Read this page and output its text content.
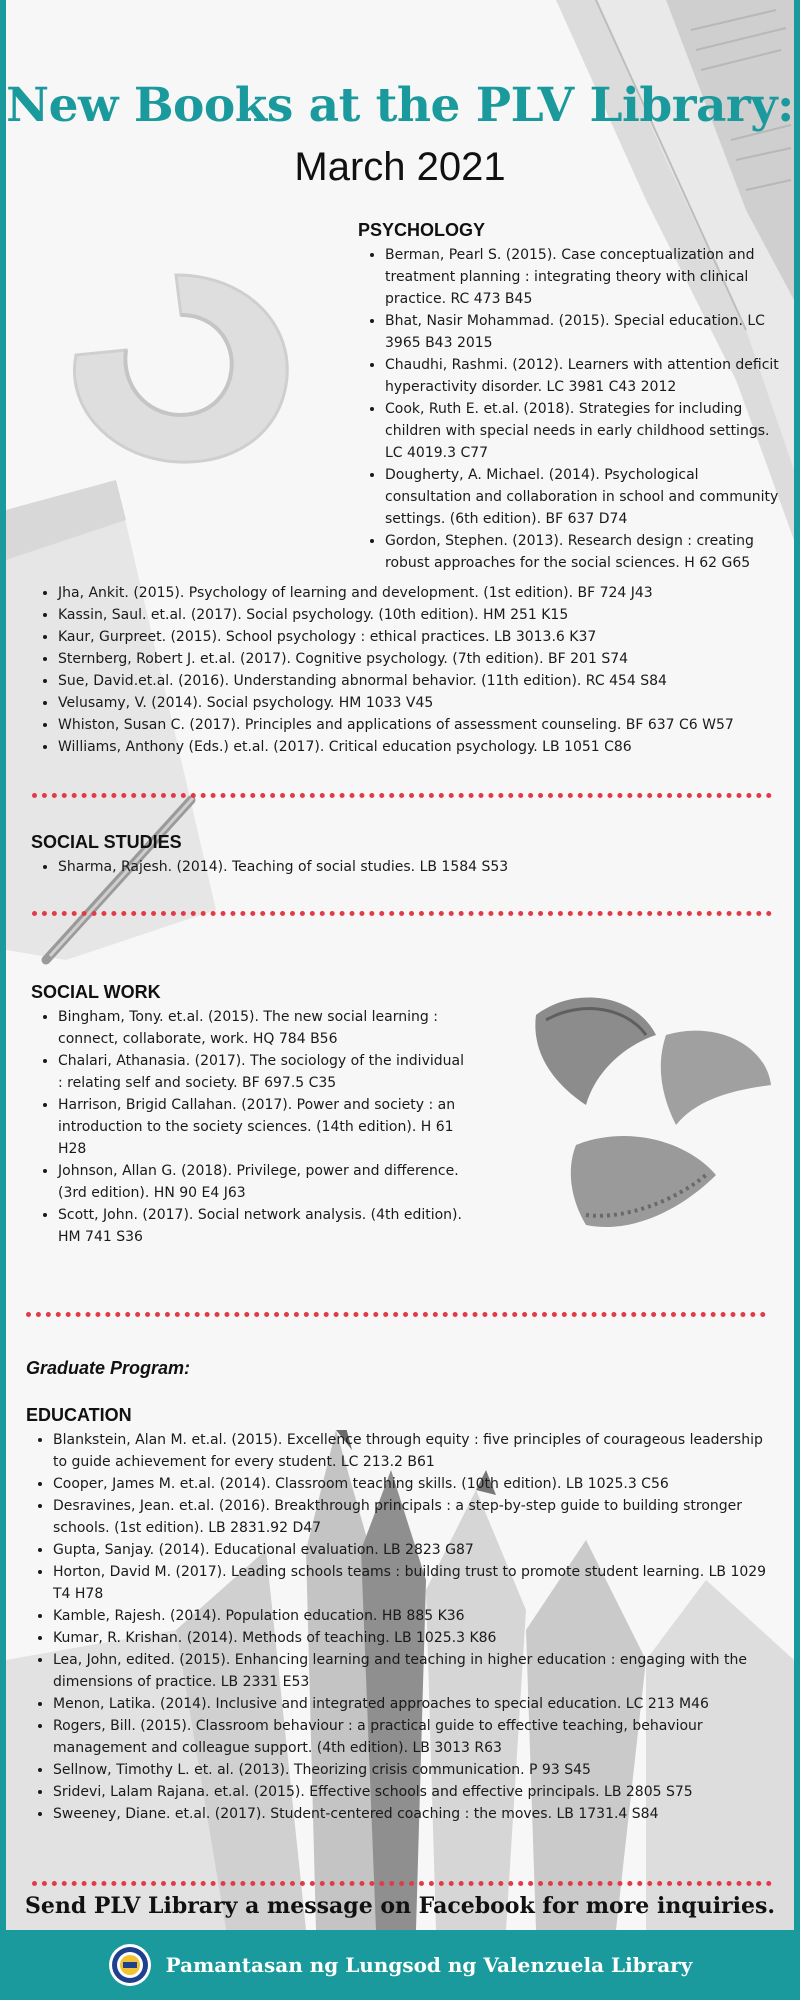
New Books at the PLV Library:
March 2021
PSYCHOLOGY
• Berman, Pearl S. (2015). Case conceptualization and treatment planning : integrating theory with clinical practice. RC 473 B45
• Bhat, Nasir Mohammad. (2015). Special education. LC 3965 B43 2015
• Chaudhi, Rashmi. (2012). Learners with attention deficit hyperactivity disorder. LC 3981 C43 2012
• Cook, Ruth E. et.al. (2018). Strategies for including children with special needs in early childhood settings. LC 4019.3 C77
• Dougherty, A. Michael. (2014). Psychological consultation and collaboration in school and community settings. (6th edition). BF 637 D74
• Gordon, Stephen. (2013). Research design : creating robust approaches for the social sciences. H 62 G65
• Jha, Ankit. (2015). Psychology of learning and development. (1st edition). BF 724 J43
• Kassin, Saul. et.al. (2017). Social psychology. (10th edition). HM 251 K15
• Kaur, Gurpreet. (2015). School psychology : ethical practices. LB 3013.6 K37
• Sternberg, Robert J. et.al. (2017). Cognitive psychology. (7th edition). BF 201 S74
• Sue, David.et.al. (2016). Understanding abnormal behavior. (11th edition). RC 454 S84
• Velusamy, V. (2014). Social psychology. HM 1033 V45
• Whiston, Susan C. (2017). Principles and applications of assessment counseling. BF 637 C6 W57
• Williams, Anthony (Eds.) et.al. (2017). Critical education psychology. LB 1051 C86
SOCIAL STUDIES
• Sharma, Rajesh. (2014). Teaching of social studies. LB 1584 S53
SOCIAL WORK
• Bingham, Tony. et.al. (2015). The new social learning : connect, collaborate, work. HQ 784 B56
• Chalari, Athanasia. (2017). The sociology of the individual : relating self and society. BF 697.5 C35
• Harrison, Brigid Callahan. (2017). Power and society : an introduction to the society sciences. (14th edition). H 61 H28
• Johnson, Allan G. (2018). Privilege, power and difference. (3rd edition). HN 90 E4 J63
• Scott, John. (2017). Social network analysis. (4th edition). HM 741 S36
Graduate Program:
EDUCATION
• Blankstein, Alan M. et.al. (2015). Excellence through equity : five principles of courageous leadership to guide achievement for every student. LC 213.2 B61
• Cooper, James M. et.al. (2014). Classroom teaching skills. (10th edition). LB 1025.3 C56
• Desravines, Jean. et.al. (2016). Breakthrough principals : a step-by-step guide to building stronger schools. (1st edition). LB 2831.92 D47
• Gupta, Sanjay. (2014). Educational evaluation. LB 2823 G87
• Horton, David M. (2017). Leading schools teams : building trust to promote student learning. LB 1029 T4 H78
• Kamble, Rajesh. (2014). Population education. HB 885 K36
• Kumar, R. Krishan. (2014). Methods of teaching. LB 1025.3 K86
• Lea, John, edited. (2015). Enhancing learning and teaching in higher education : engaging with the dimensions of practice. LB 2331 E53
• Menon, Latika. (2014). Inclusive and integrated approaches to special education. LC 213 M46
• Rogers, Bill. (2015). Classroom behaviour : a practical guide to effective teaching, behaviour management and colleague support. (4th edition). LB 3013 R63
• Sellnow, Timothy L. et. al. (2013). Theorizing crisis communication. P 93 S45
• Sridevi, Lalam Rajana. et.al. (2015). Effective schools and effective principals. LB 2805 S75
• Sweeney, Diane. et.al. (2017). Student-centered coaching : the moves. LB 1731.4 S84
Send PLV Library a message on Facebook for more inquiries.
Pamantasan ng Lungsod ng Valenzuela Library
